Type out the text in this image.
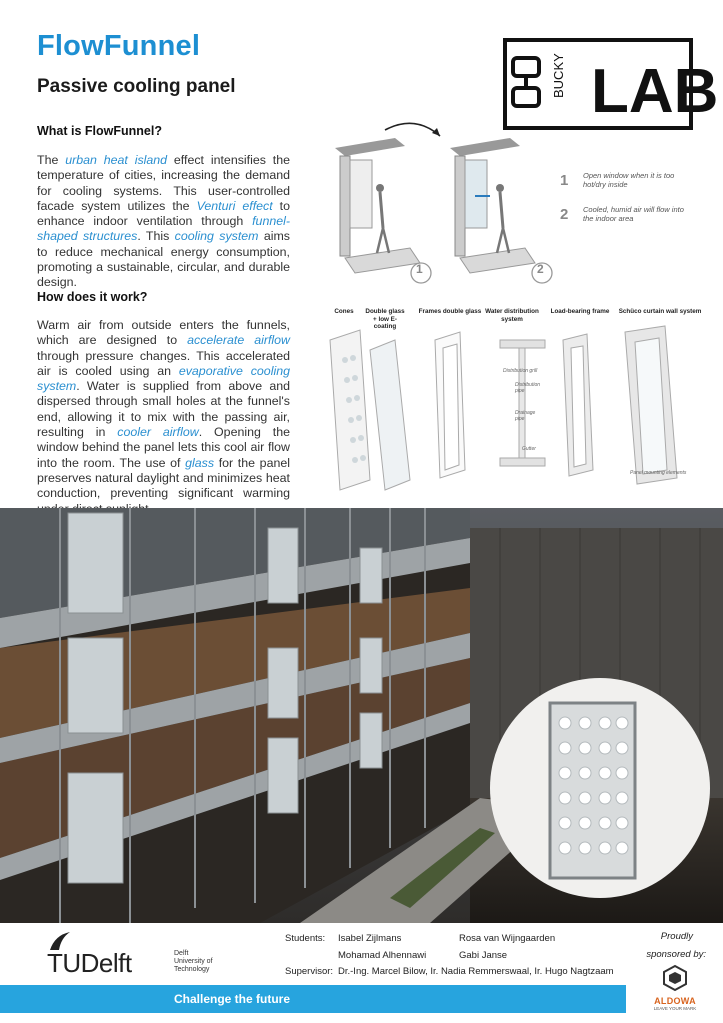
FlowFunnel
Passive cooling panel	LAB
BUCKY
What is FlowFunnel?
The urban heat island effect intensifies the temperature of cities, increasing the demand for cooling systems. This user-controlled facade system utilizes the Venturi effect to enhance indoor ventilation through funnel-shaped structures. This cooling system aims to reduce mechanical energy consumption, promoting a sustainable, circular, and durable design.
How does it work?
Warm air from outside enters the funnels, which are designed to accelerate airflow through pressure changes. This accelerated air is cooled using an evaporative cooling system. Water is supplied from above and dispersed through small holes at the funnel's end, allowing it to mix with the passing air, resulting in cooler airflow. Opening the window behind the panel lets this cool air flow into the room. The use of glass for the panel preserves natural daylight and minimizes heat conduction, preventing significant warming
1	2
1 Open window when it is too hot/dry inside
2 Cooled, humid air will flow into the indoor area
Cones	Double glass + low E-coating
Frames double glass Water distribution system
Load-bearing frame Schüco curtain wall system
Distribution grill
Distribution pipe
Drainage pipe
Gutter
Panel mounting elements
TUDelft	Delft
University of
Technology
Students: Isabel Zijlmans	Rosa van Wijngaarden
Mohamad Alhennawi	Gabi Janse
Supervisor: Dr.-Ing. Marcel Bilow, Ir. Nadia Remmerswaal, Ir. Hugo Nagtzaam
Proudly
sponsored by:
Challenge the future	ALDOWA
LEAVE YOUR MARK
